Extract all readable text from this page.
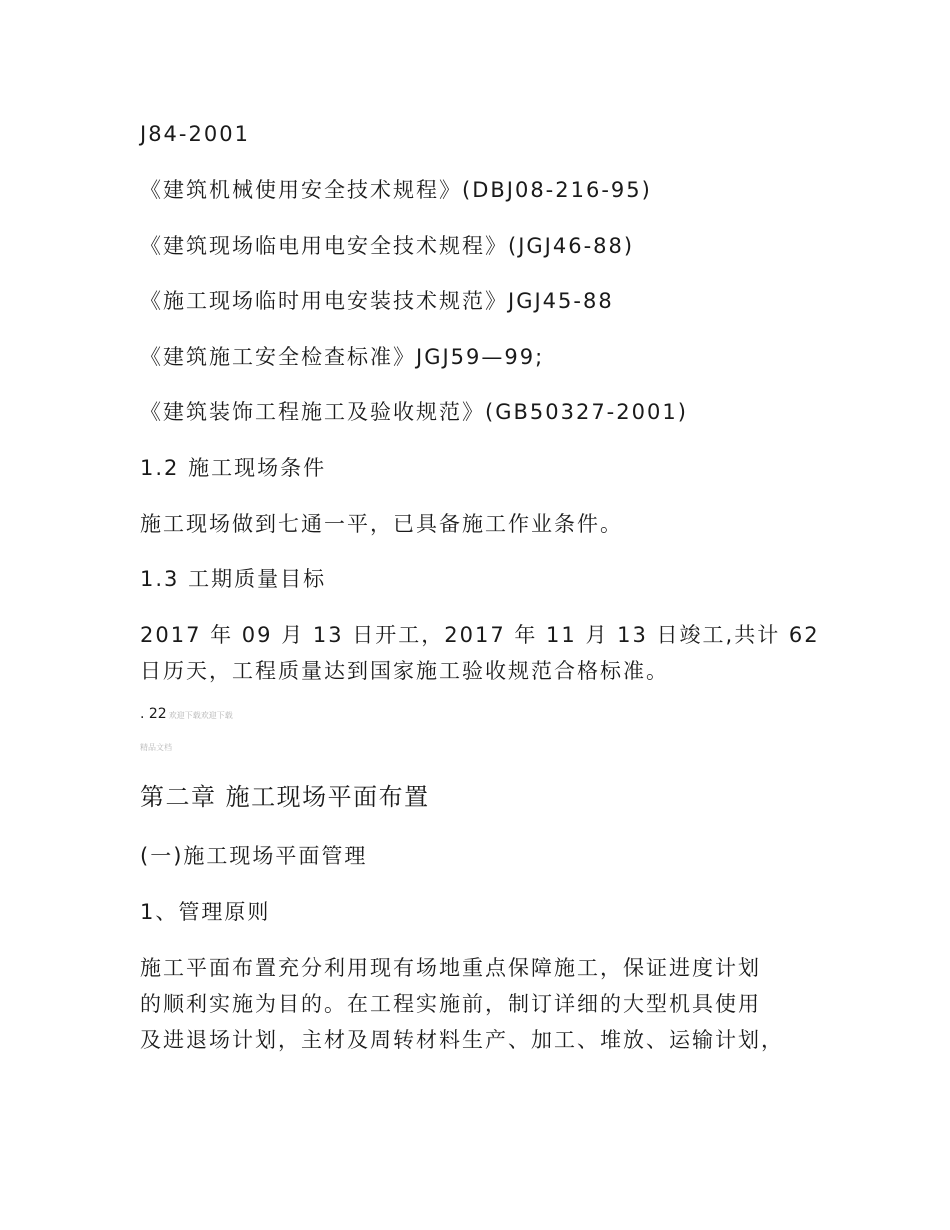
J84-2001
《建筑机械使用安全技术规程》(DBJ08-216-95)
《建筑现场临电用电安全技术规程》(JGJ46-88)
《施工现场临时用电安装技术规范》JGJ45-88
《建筑施工安全检查标准》JGJ59—99;
《建筑装饰工程施工及验收规范》(GB50327-2001)
1.2 施工现场条件
施工现场做到七通一平，已具备施工作业条件。
1.3 工期质量目标
2017 年 09 月 13 日开工，2017 年 11 月 13 日竣工,共计 62
日历天，工程质量达到国家施工验收规范合格标准。
. 22 欢迎下载欢迎下载
精品文档
第二章 施工现场平面布置
(一)施工现场平面管理
1、管理原则
施工平面布置充分利用现有场地重点保障施工，保证进度计划
的顺利实施为目的。在工程实施前，制订详细的大型机具使用
及进退场计划，主材及周转材料生产、加工、堆放、运输计划，
